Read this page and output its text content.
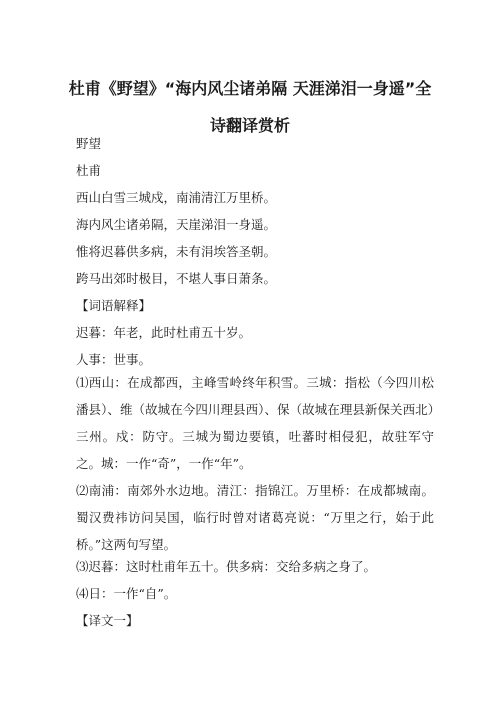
杜甫《野望》“海内风尘诸弟隔 天涯涕泪一身遥”全
诗翻译赏析

野望

杜甫

西山白雪三城戍，南浦清江万里桥。

海内风尘诸弟隔，天崖涕泪一身遥。

惟将迟暮供多病，未有涓埃答圣朝。

跨马出郊时极目，不堪人事日萧条。

【词语解释】

迟暮：年老，此时杜甫五十岁。

人事：世事。

⑴西山：在成都西，主峰雪岭终年积雪。三城：指松（今四川松潘县）、维（故城在今四川理县西）、保（故城在理县新保关西北）三州。戍：防守。三城为蜀边要镇，吐蕃时相侵犯，故驻军守之。城：一作“奇”，一作“年”。

⑵南浦：南郊外水边地。清江：指锦江。万里桥：在成都城南。蜀汉费祎访问吴国，临行时曾对诸葛亮说：“万里之行，始于此桥。”这两句写望。

⑶迟暮：这时杜甫年五十。供多病：交给多病之身了。

⑷日：一作“自”。

【译文一】
